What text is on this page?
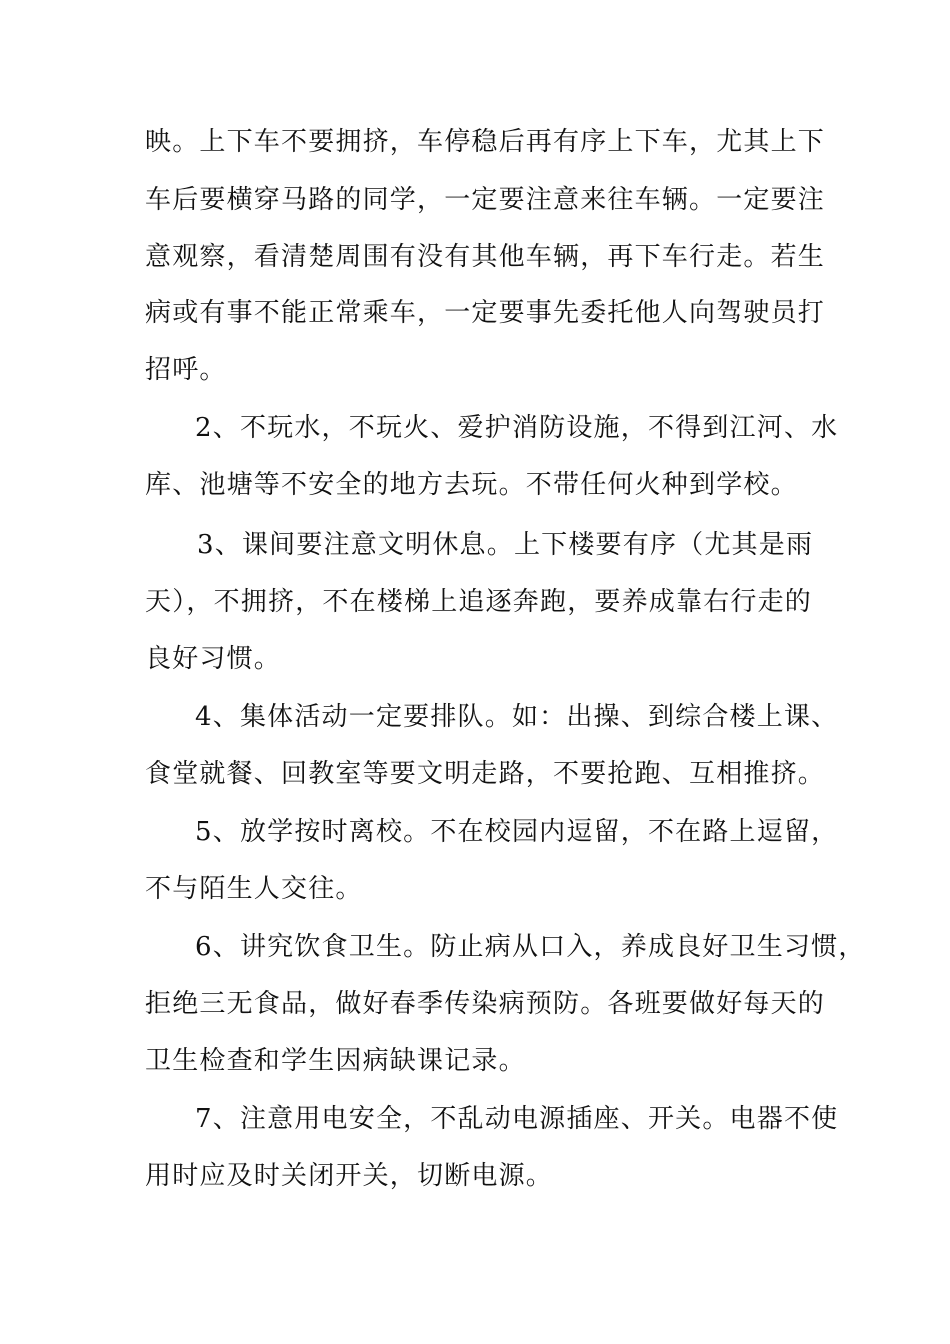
映。上下车不要拥挤，车停稳后再有序上下车，尤其上下
车后要横穿马路的同学，一定要注意来往车辆。一定要注
意观察，看清楚周围有没有其他车辆，再下车行走。若生
病或有事不能正常乘车，一定要事先委托他人向驾驶员打
招呼。
2、不玩水，不玩火、爱护消防设施，不得到江河、水
库、池塘等不安全的地方去玩。不带任何火种到学校。
3、课间要注意文明休息。上下楼要有序（尤其是雨
天），不拥挤，不在楼梯上追逐奔跑，要养成靠右行走的
良好习惯。
4、集体活动一定要排队。如：出操、到综合楼上课、
食堂就餐、回教室等要文明走路，不要抢跑、互相推挤。
5、放学按时离校。不在校园内逗留，不在路上逗留，
不与陌生人交往。
6、讲究饮食卫生。防止病从口入，养成良好卫生习惯，
拒绝三无食品，做好春季传染病预防。各班要做好每天的
卫生检查和学生因病缺课记录。
7、注意用电安全，不乱动电源插座、开关。电器不使
用时应及时关闭开关，切断电源。
